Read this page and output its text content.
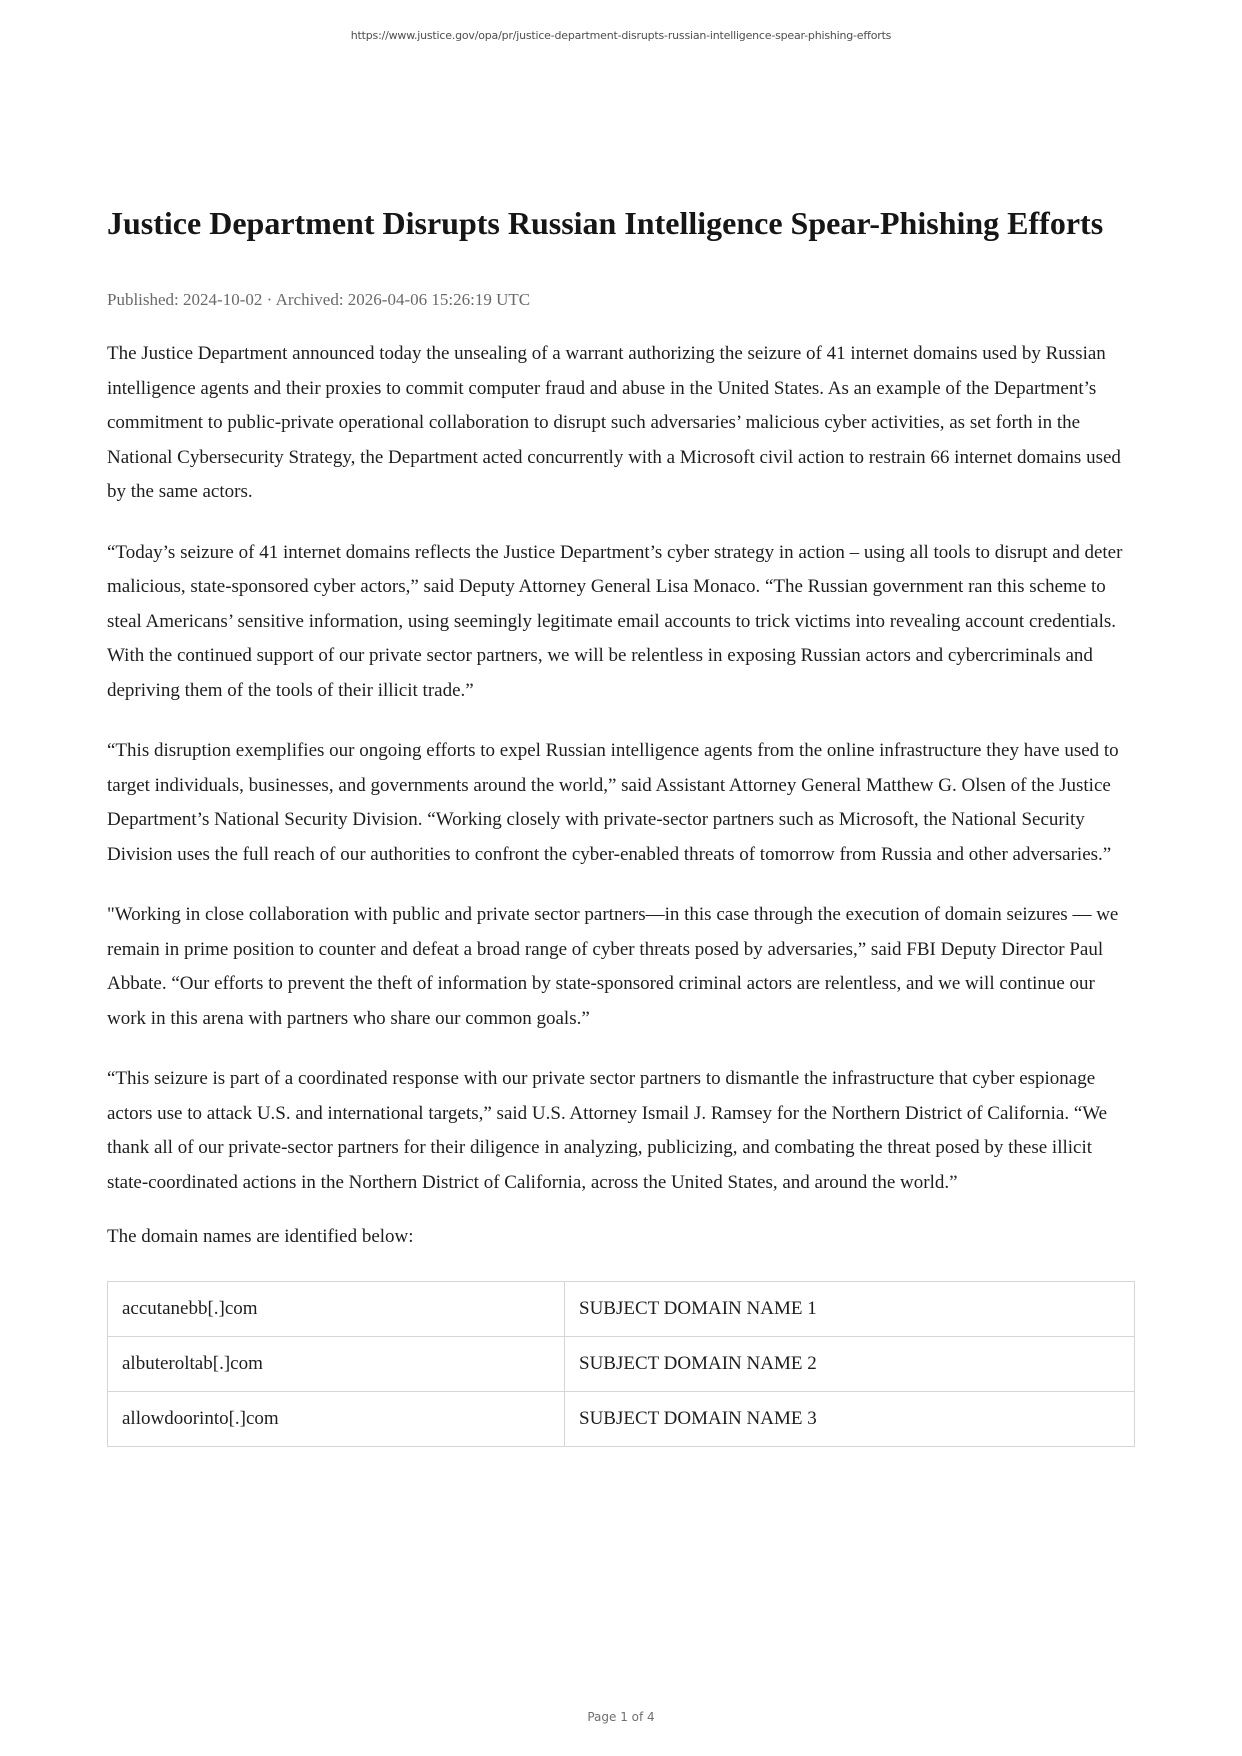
https://www.justice.gov/opa/pr/justice-department-disrupts-russian-intelligence-spear-phishing-efforts
Justice Department Disrupts Russian Intelligence Spear-Phishing Efforts
Published: 2024-10-02 · Archived: 2026-04-06 15:26:19 UTC

The Justice Department announced today the unsealing of a warrant authorizing the seizure of 41 internet domains used by Russian intelligence agents and their proxies to commit computer fraud and abuse in the United States. As an example of the Department’s commitment to public-private operational collaboration to disrupt such adversaries’ malicious cyber activities, as set forth in the National Cybersecurity Strategy, the Department acted concurrently with a Microsoft civil action to restrain 66 internet domains used by the same actors.

“Today’s seizure of 41 internet domains reflects the Justice Department’s cyber strategy in action – using all tools to disrupt and deter malicious, state-sponsored cyber actors,” said Deputy Attorney General Lisa Monaco. “The Russian government ran this scheme to steal Americans’ sensitive information, using seemingly legitimate email accounts to trick victims into revealing account credentials. With the continued support of our private sector partners, we will be relentless in exposing Russian actors and cybercriminals and depriving them of the tools of their illicit trade.”

“This disruption exemplifies our ongoing efforts to expel Russian intelligence agents from the online infrastructure they have used to target individuals, businesses, and governments around the world,” said Assistant Attorney General Matthew G. Olsen of the Justice Department’s National Security Division. “Working closely with private-sector partners such as Microsoft, the National Security Division uses the full reach of our authorities to confront the cyber-enabled threats of tomorrow from Russia and other adversaries.”

"Working in close collaboration with public and private sector partners—in this case through the execution of domain seizures — we remain in prime position to counter and defeat a broad range of cyber threats posed by adversaries,” said FBI Deputy Director Paul Abbate. “Our efforts to prevent the theft of information by state-sponsored criminal actors are relentless, and we will continue our work in this arena with partners who share our common goals.”

“This seizure is part of a coordinated response with our private sector partners to dismantle the infrastructure that cyber espionage actors use to attack U.S. and international targets,” said U.S. Attorney Ismail J. Ramsey for the Northern District of California. “We thank all of our private-sector partners for their diligence in analyzing, publicizing, and combating the threat posed by these illicit state-coordinated actions in the Northern District of California, across the United States, and around the world.”

The domain names are identified below:

accutanebb[.]com	SUBJECT DOMAIN NAME 1
albuteroltab[.]com	SUBJECT DOMAIN NAME 2
allowdoorinto[.]com	SUBJECT DOMAIN NAME 3
Page 1 of 4
